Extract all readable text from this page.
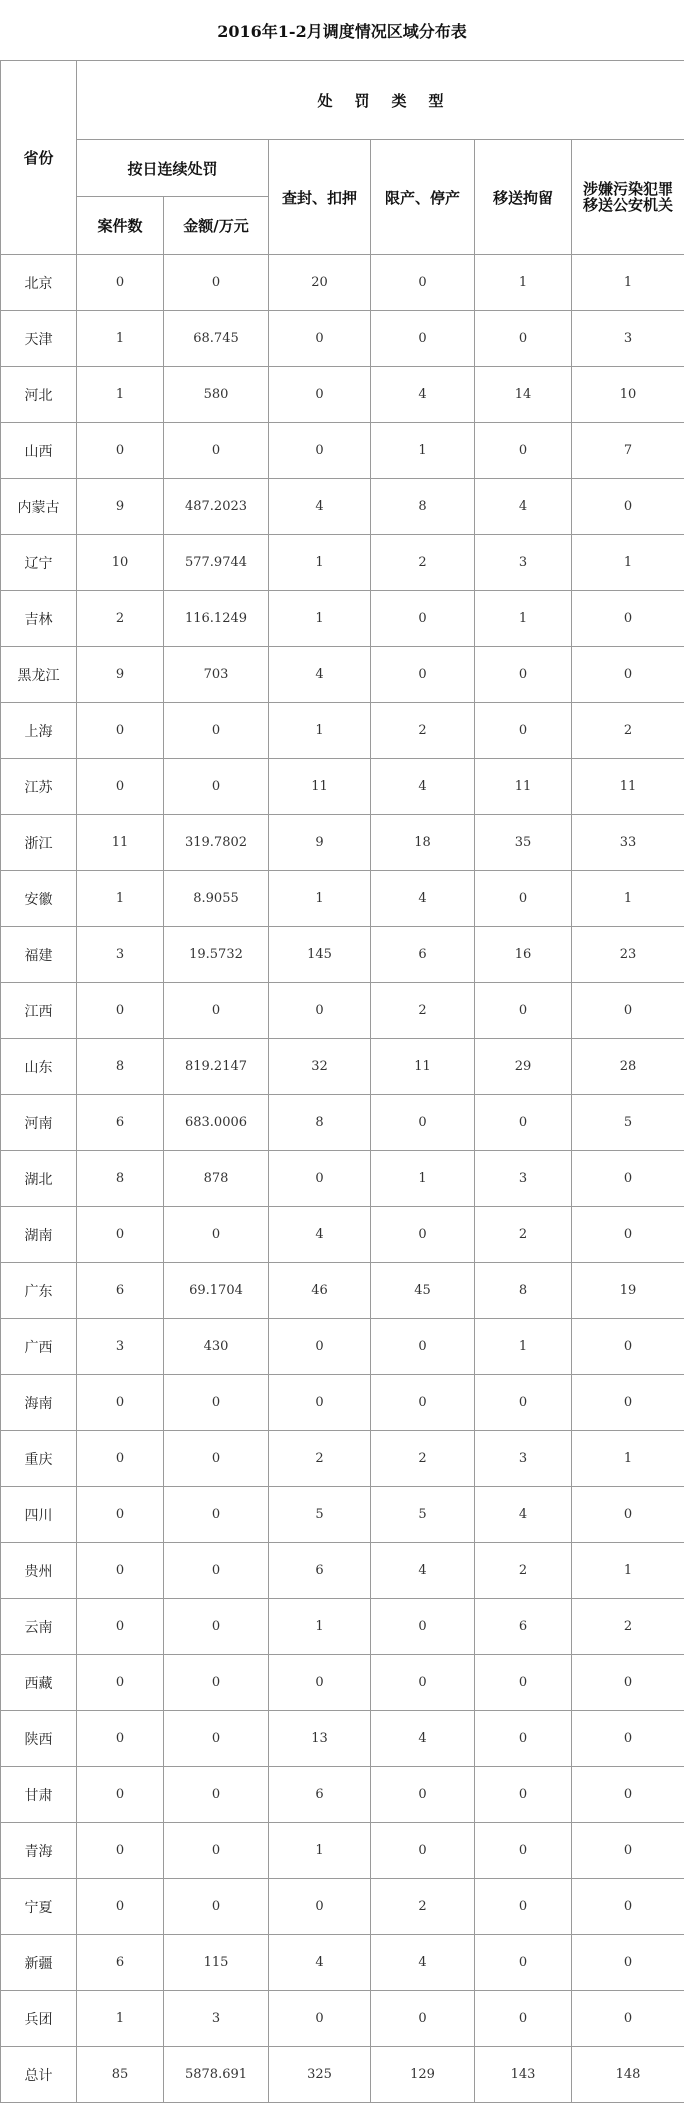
2016年1-2月调度情况区域分布表
省份	处罚类型					
	按日连续处罚		查封、扣押	限产、停产	移送拘留	涉嫌污染犯罪移送公安机关
	案件数	金额/万元				
北京	0	0	20	0	1	1
天津	1	68.745	0	0	0	3
河北	1	580	0	4	14	10
山西	0	0	0	1	0	7
内蒙古	9	487.2023	4	8	4	0
辽宁	10	577.9744	1	2	3	1
吉林	2	116.1249	1	0	1	0
黑龙江	9	703	4	0	0	0
上海	0	0	1	2	0	2
江苏	0	0	11	4	11	11
浙江	11	319.7802	9	18	35	33
安徽	1	8.9055	1	4	0	1
福建	3	19.5732	145	6	16	23
江西	0	0	0	2	0	0
山东	8	819.2147	32	11	29	28
河南	6	683.0006	8	0	0	5
湖北	8	878	0	1	3	0
湖南	0	0	4	0	2	0
广东	6	69.1704	46	45	8	19
广西	3	430	0	0	1	0
海南	0	0	0	0	0	0
重庆	0	0	2	2	3	1
四川	0	0	5	5	4	0
贵州	0	0	6	4	2	1
云南	0	0	1	0	6	2
西藏	0	0	0	0	0	0
陕西	0	0	13	4	0	0
甘肃	0	0	6	0	0	0
青海	0	0	1	0	0	0
宁夏	0	0	0	2	0	0
新疆	6	115	4	4	0	0
兵团	1	3	0	0	0	0
总计	85	5878.691	325	129	143	148
